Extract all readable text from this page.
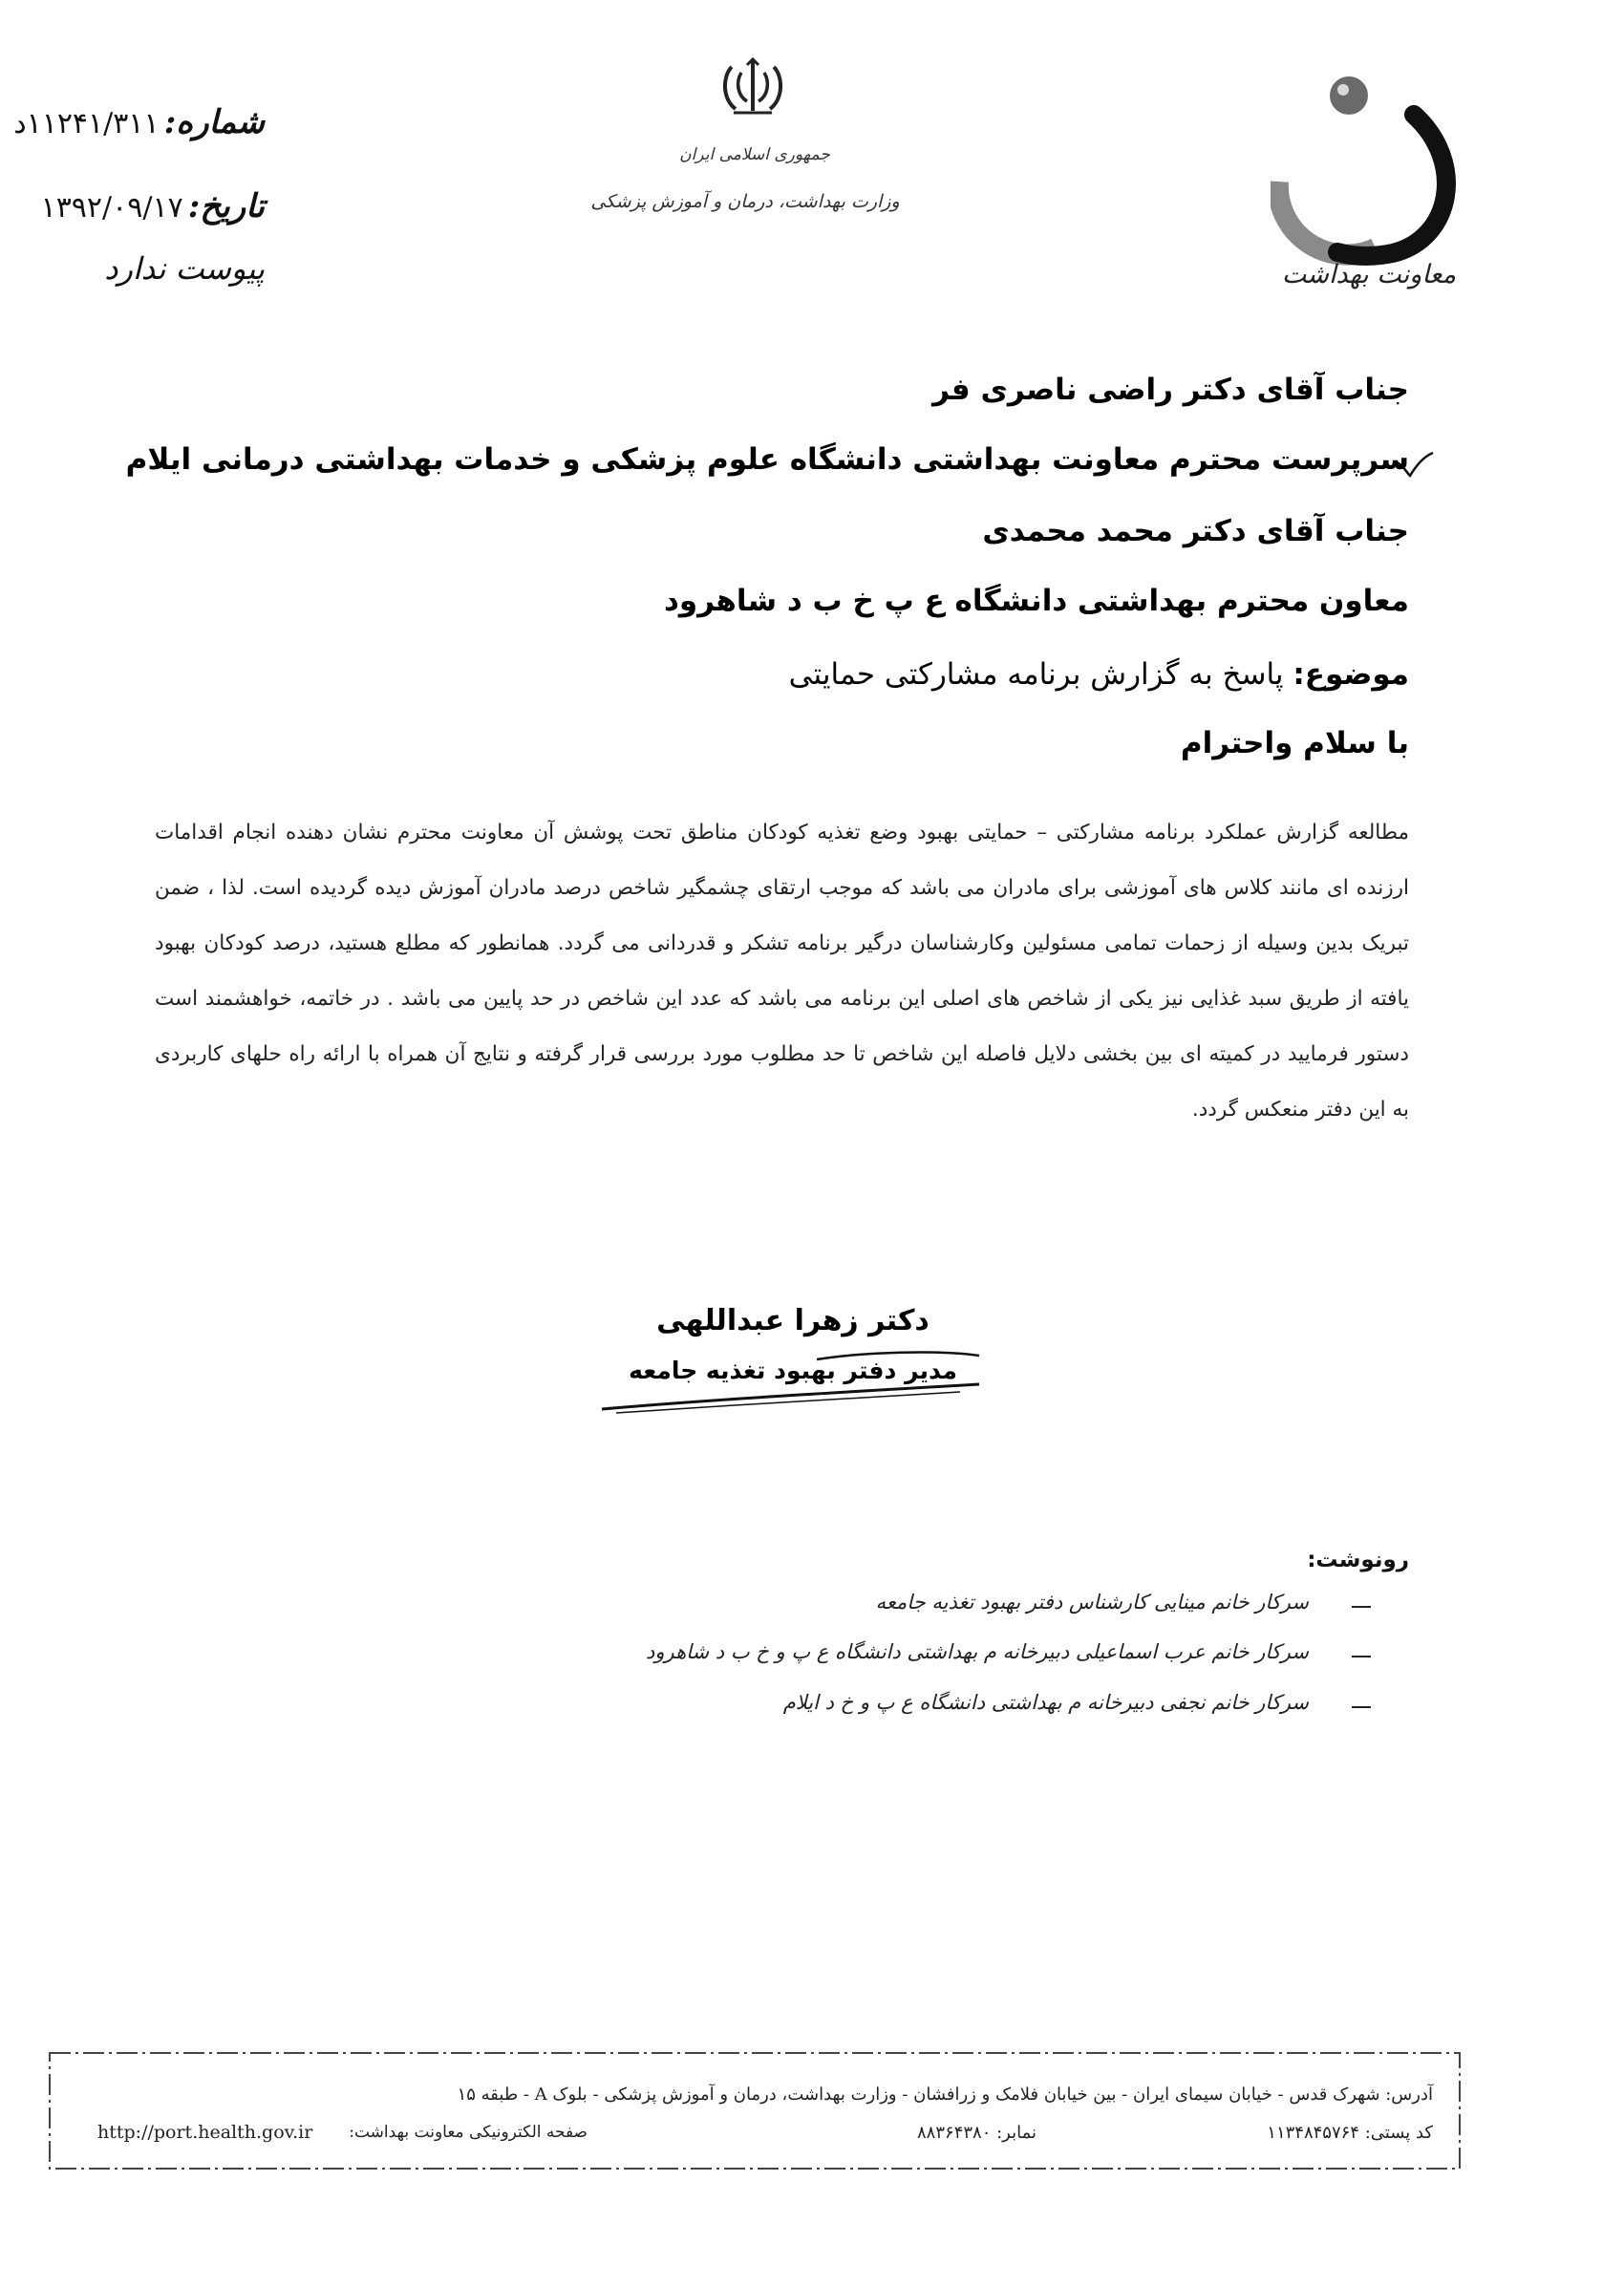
جمهوری اسلامی ایران
وزارت بهداشت، درمان و آموزش پزشکی
معاونت بهداشت
شماره: ۱۱۲۴۱/۳۱۱د
تاریخ: ۱۳۹۲/۰۹/۱۷
پیوست ندارد
جناب آقای دکتر راضی ناصری فر
سرپرست محترم معاونت بهداشتی دانشگاه علوم پزشکی و خدمات بهداشتی درمانی ایلام
جناب آقای دکتر محمد محمدی
معاون محترم بهداشتی دانشگاه ع پ خ ب د شاهرود
موضوع: پاسخ به گزارش برنامه مشارکتی حمایتی
با سلام واحترام
مطالعه گزارش عملکرد برنامه مشارکتی – حمایتی بهبود وضع تغذیه کودکان مناطق تحت پوشش آن معاونت محترم نشان دهنده انجام اقدامات ارزنده ای مانند کلاس های آموزشی برای مادران می باشد که موجب ارتقای چشمگیر شاخص درصد مادران آموزش دیده گردیده است. لذا ، ضمن تبریک بدین وسیله از زحمات تمامی مسئولین وکارشناسان درگیر برنامه تشکر و قدردانی می گردد. همانطور که مطلع هستید، درصد کودکان بهبود یافته از طریق سبد غذایی نیز یکی از شاخص های اصلی این برنامه می باشد که عدد این شاخص در حد پایین می باشد . در خاتمه، خواهشمند است دستور فرمایید در کمیته ای بین بخشی دلایل فاصله این شاخص تا حد مطلوب مورد بررسی قرار گرفته و نتایج آن همراه با ارائه راه حلهای کاربردی به این دفتر منعکس گردد.
دکتر زهرا عبداللهی
مدیر دفتر بهبود تغذیه جامعه
رونوشت:
سرکار خانم مینایی کارشناس دفتر بهبود تغذیه جامعه
سرکار خانم عرب اسماعیلی دبیرخانه م بهداشتی دانشگاه ع پ و خ ب د شاهرود
سرکار خانم نجفی دبیرخانه م بهداشتی دانشگاه ع پ و خ د ایلام
آدرس: شهرک قدس - خیابان سیمای ایران - بین خیابان فلامک و زرافشان - وزارت بهداشت، درمان و آموزش پزشکی - بلوک A - طبقه ۱۵
کد پستی: ۱۱۳۴۸۴۵۷۶۴
نمابر: ۸۸۳۶۴۳۸۰
صفحه الکترونیکی معاونت بهداشت:
http://port.health.gov.ir
